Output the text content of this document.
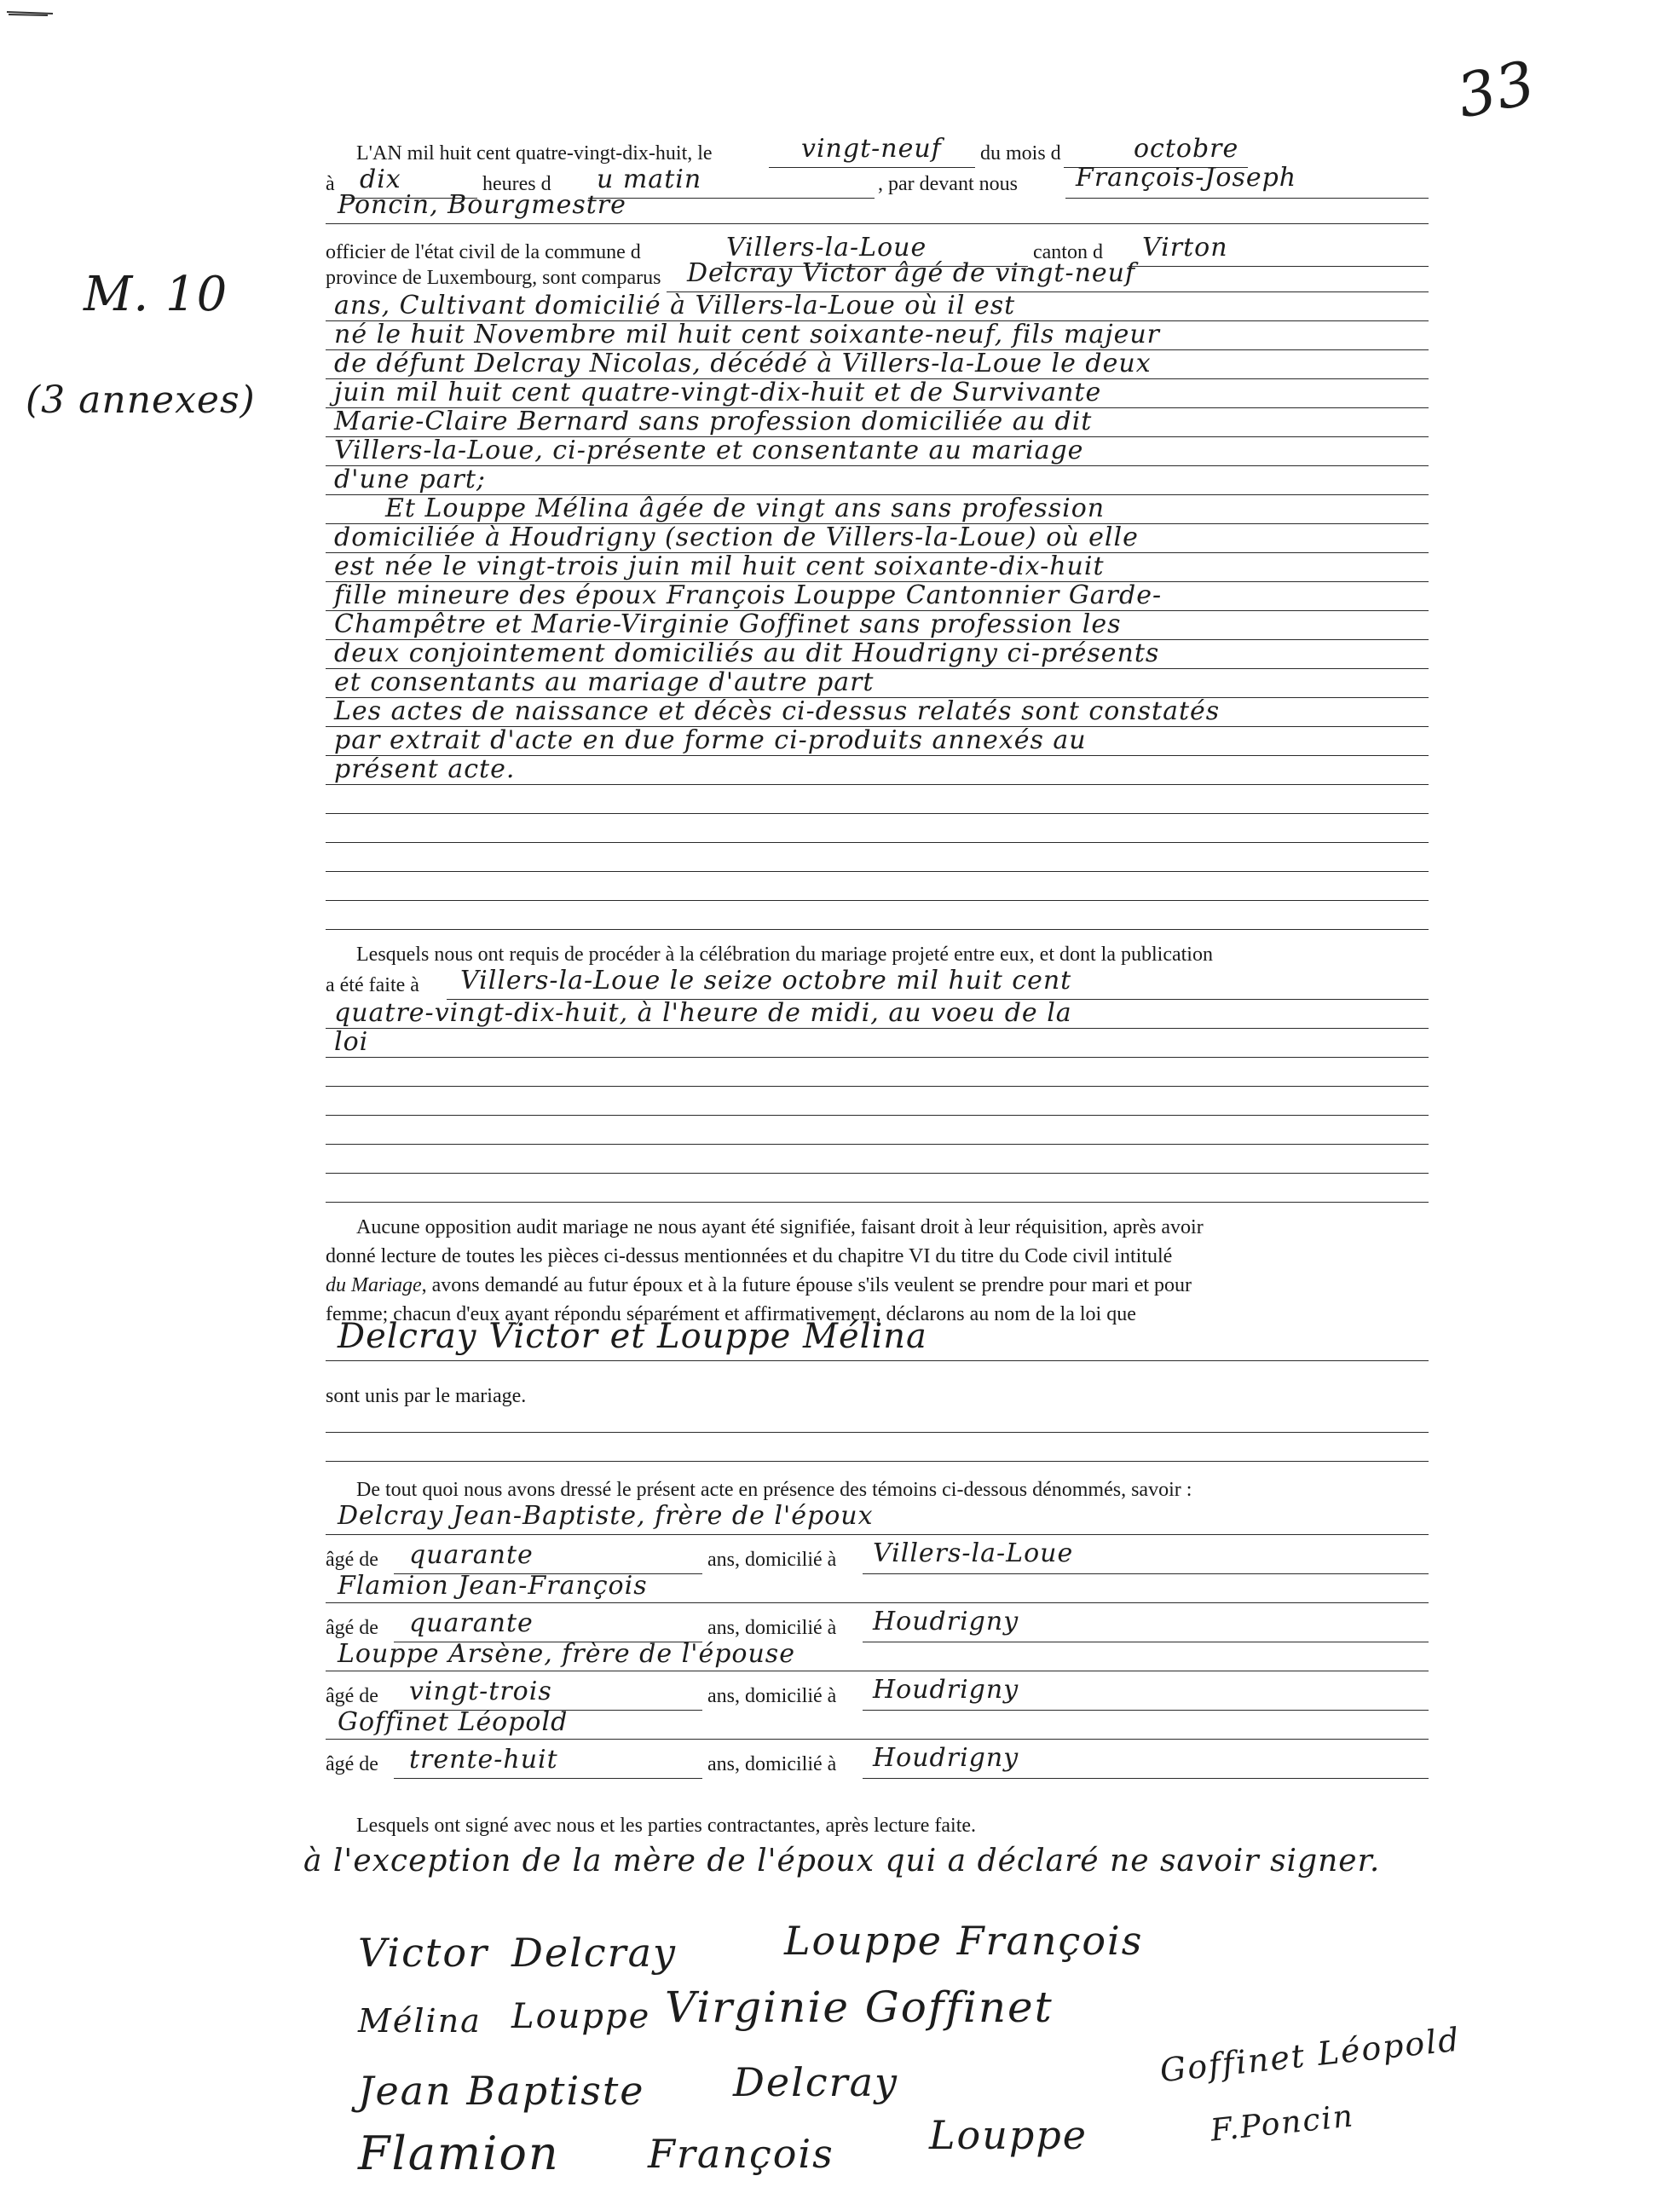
33
M. 10
(3 annexes)
L'AN mil huit cent quatre-vingt-dix-huit, le	vingt-neuf du mois d	octobre
à dix	heures d u matin	, par devant nous François-Joseph
Poncin, Bourgmestre
officier de l'état civil de la commune d	Villers-la-Loue	canton d Virton
province de Luxembourg, sont comparus Delcray Victor âgé de vingt-neuf
ans, Cultivant domicilié à Villers-la-Loue où il est
né le huit Novembre mil huit cent soixante-neuf, fils majeur
de défunt Delcray Nicolas, décédé à Villers-la-Loue le deux
juin mil huit cent quatre-vingt-dix-huit et de Survivante
Marie-Claire Bernard sans profession domiciliée au dit
Villers-la-Loue, ci-présente et consentante au mariage
d'une part;
Et Louppe Mélina âgée de vingt ans sans profession
domiciliée à Houdrigny (section de Villers-la-Loue) où elle
est née le vingt-trois juin mil huit cent soixante-dix-huit
fille mineure des époux François Louppe Cantonnier Garde-
Champêtre et Marie-Virginie Goffinet sans profession les
deux conjointement domiciliés au dit Houdrigny ci-présents
et consentants au mariage d'autre part
Les actes de naissance et décès ci-dessus relatés sont constatés
par extrait d'acte en due forme ci-produits annexés au
présent acte.
Lesquels nous ont requis de procéder à la célébration du mariage projeté entre eux, et dont la publication
a été faite à Villers-la-Loue le seize octobre mil huit cent
quatre-vingt-dix-huit, à l'heure de midi, au voeu de la
loi
Aucune opposition audit mariage ne nous ayant été signifiée, faisant droit à leur réquisition, après avoir
donné lecture de toutes les pièces ci-dessus mentionnées et du chapitre VI du titre du Code civil intitulé
du Mariage, avons demandé au futur époux et à la future épouse s'ils veulent se prendre pour mari et pour
femme; chacun d'eux ayant répondu séparément et affirmativement, déclarons au nom de la loi que
Delcray Victor et Louppe Mélina
sont unis par le mariage.
De tout quoi nous avons dressé le présent acte en présence des témoins ci-dessous dénommés, savoir :
Delcray Jean-Baptiste, frère de l'époux
âgé de quarante	ans, domicilié à Villers-la-Loue
Flamion Jean-François
âgé de quarante	ans, domicilié à Houdrigny
Louppe Arsène, frère de l'épouse
âgé de vingt-trois	ans, domicilié à Houdrigny
Goffinet Léopold
âgé de trente-huit	ans, domicilié à Houdrigny
Lesquels ont signé avec nous et les parties contractantes, après lecture faite.
à l'exception de la mère de l'époux qui a déclaré ne savoir signer.
Victor Delcray	Louppe François
Mélina Louppe Virginie Goffinet
Jean Baptiste Delcray
Flamion François Louppe
Goffinet Léopold
F.Poncin
